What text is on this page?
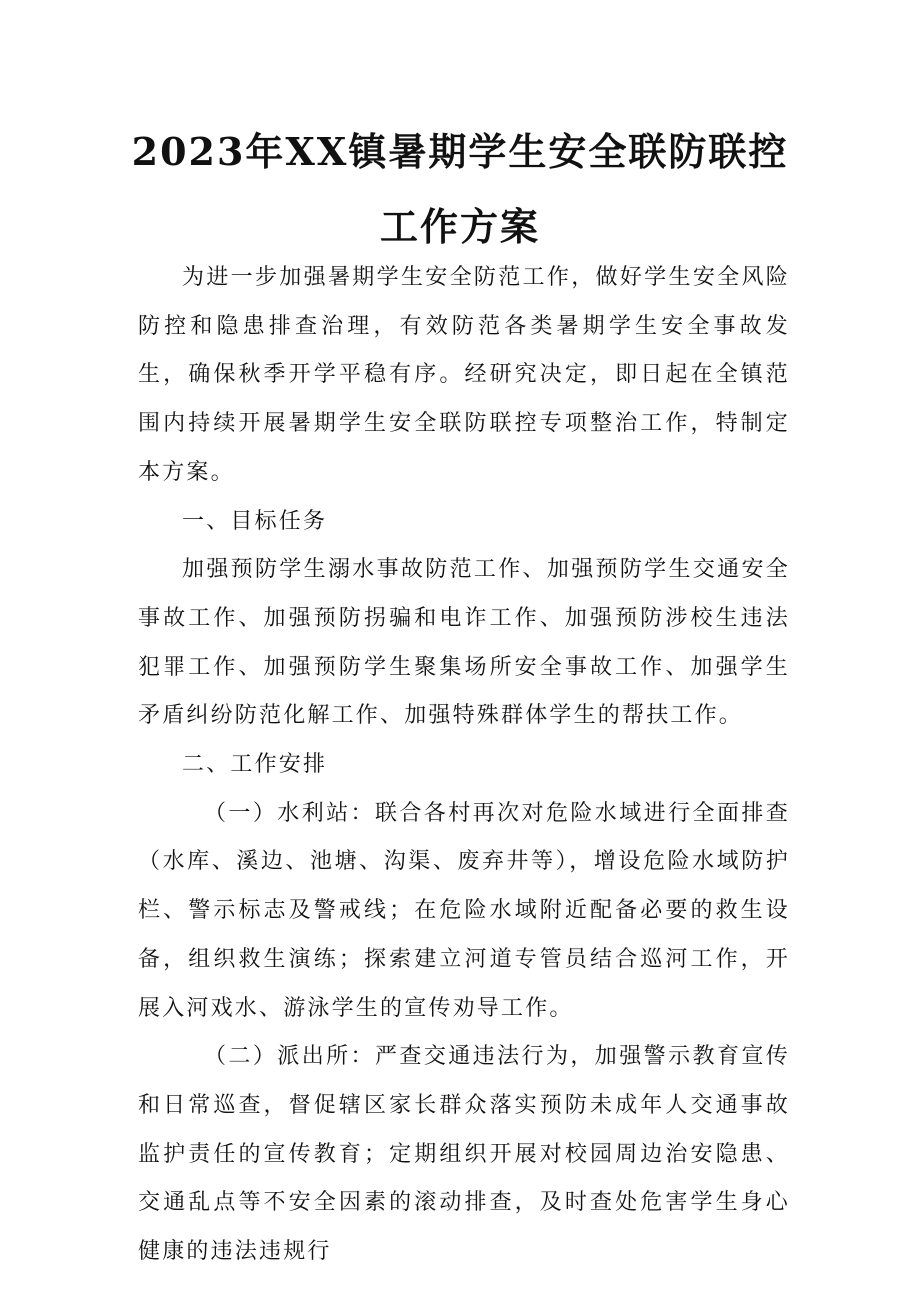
2023年XX镇暑期学生安全联防联控
工作方案

为进一步加强暑期学生安全防范工作，做好学生安全风险防控和隐患排查治理，有效防范各类暑期学生安全事故发生，确保秋季开学平稳有序。经研究决定，即日起在全镇范围内持续开展暑期学生安全联防联控专项整治工作，特制定本方案。

一、目标任务

加强预防学生溺水事故防范工作、加强预防学生交通安全事故工作、加强预防拐骗和电诈工作、加强预防涉校生违法犯罪工作、加强预防学生聚集场所安全事故工作、加强学生矛盾纠纷防范化解工作、加强特殊群体学生的帮扶工作。

二、工作安排

（一）水利站：联合各村再次对危险水域进行全面排查（水库、溪边、池塘、沟渠、废弃井等），增设危险水域防护栏、警示标志及警戒线；在危险水域附近配备必要的救生设备，组织救生演练；探索建立河道专管员结合巡河工作，开展入河戏水、游泳学生的宣传劝导工作。

（二）派出所：严查交通违法行为，加强警示教育宣传和日常巡查，督促辖区家长群众落实预防未成年人交通事故监护责任的宣传教育；定期组织开展对校园周边治安隐患、交通乱点等不安全因素的滚动排查，及时查处危害学生身心健康的违法违规行
